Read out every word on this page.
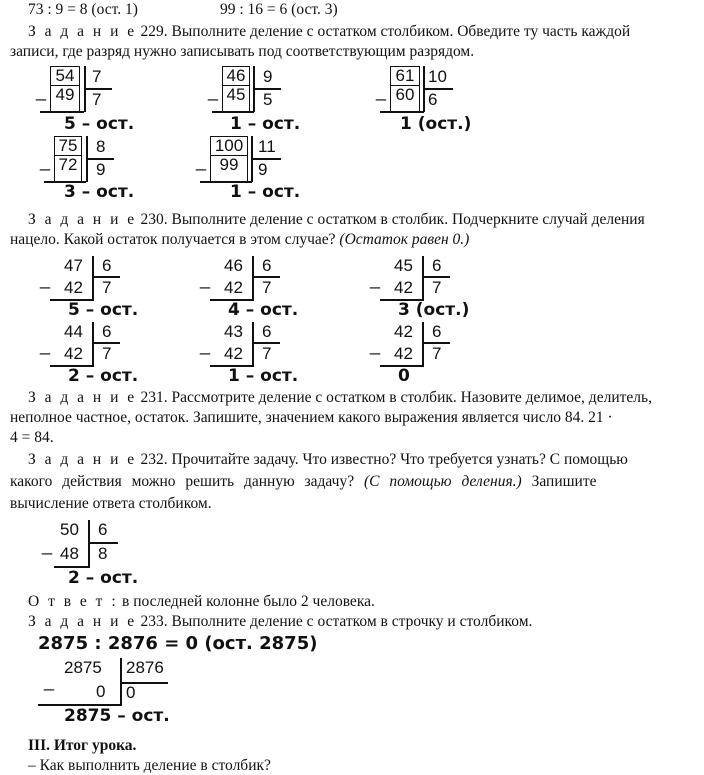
73 : 9 = 8 (ост. 1)	99 : 16 = 6 (ост. 3)
З а д а н и е 229. Выполните деление с остатком столбиком. Обведите ту часть каждой
записи, где разряд нужно записывать под соответствующим разрядом.
_
54
49
7
7
5 – ост.
_
46
45
9
5
1 – ост.
_
61
60
10
6
1 (ост.)
_
75
72
8
9
3 – ост.
_
100
99
11
9
1 – ост.
З а д а н и е 230. Выполните деление с остатком в столбик. Подчеркните случай деления
нацело. Какой остаток получается в этом случае? (Остаток равен 0.)
_
47
42
6
7
5 – ост.
_
46
42
6
7
4 – ост.
_
45
42
6
7
3 (ост.)
_
44
42
6
7
2 – ост.
_
43
42
6
7
1 – ост.
_
42
42
6
7
0
З а д а н и е 231. Рассмотрите деление с остатком в столбик. Назовите делимое, делитель,
неполное частное, остаток. Запишите, значением какого выражения является число 84. 21 ·
4 = 84.
З а д а н и е 232. Прочитайте задачу. Что известно? Что требуется узнать? С помощью
какого действия можно решить данную задачу? (С помощью деления.) Запишите
вычисление ответа столбиком.
_
50
48
6
8
2 – ост.
О т в е т : в последней колонне было 2 человека.
З а д а н и е 233. Выполните деление с остатком в строчку и столбиком.
2875 : 2876 = 0 (ост. 2875)
_
2875
0
2876
0
2875 – ост.
III. Итог урока.
– Как выполнить деление в столбик?
